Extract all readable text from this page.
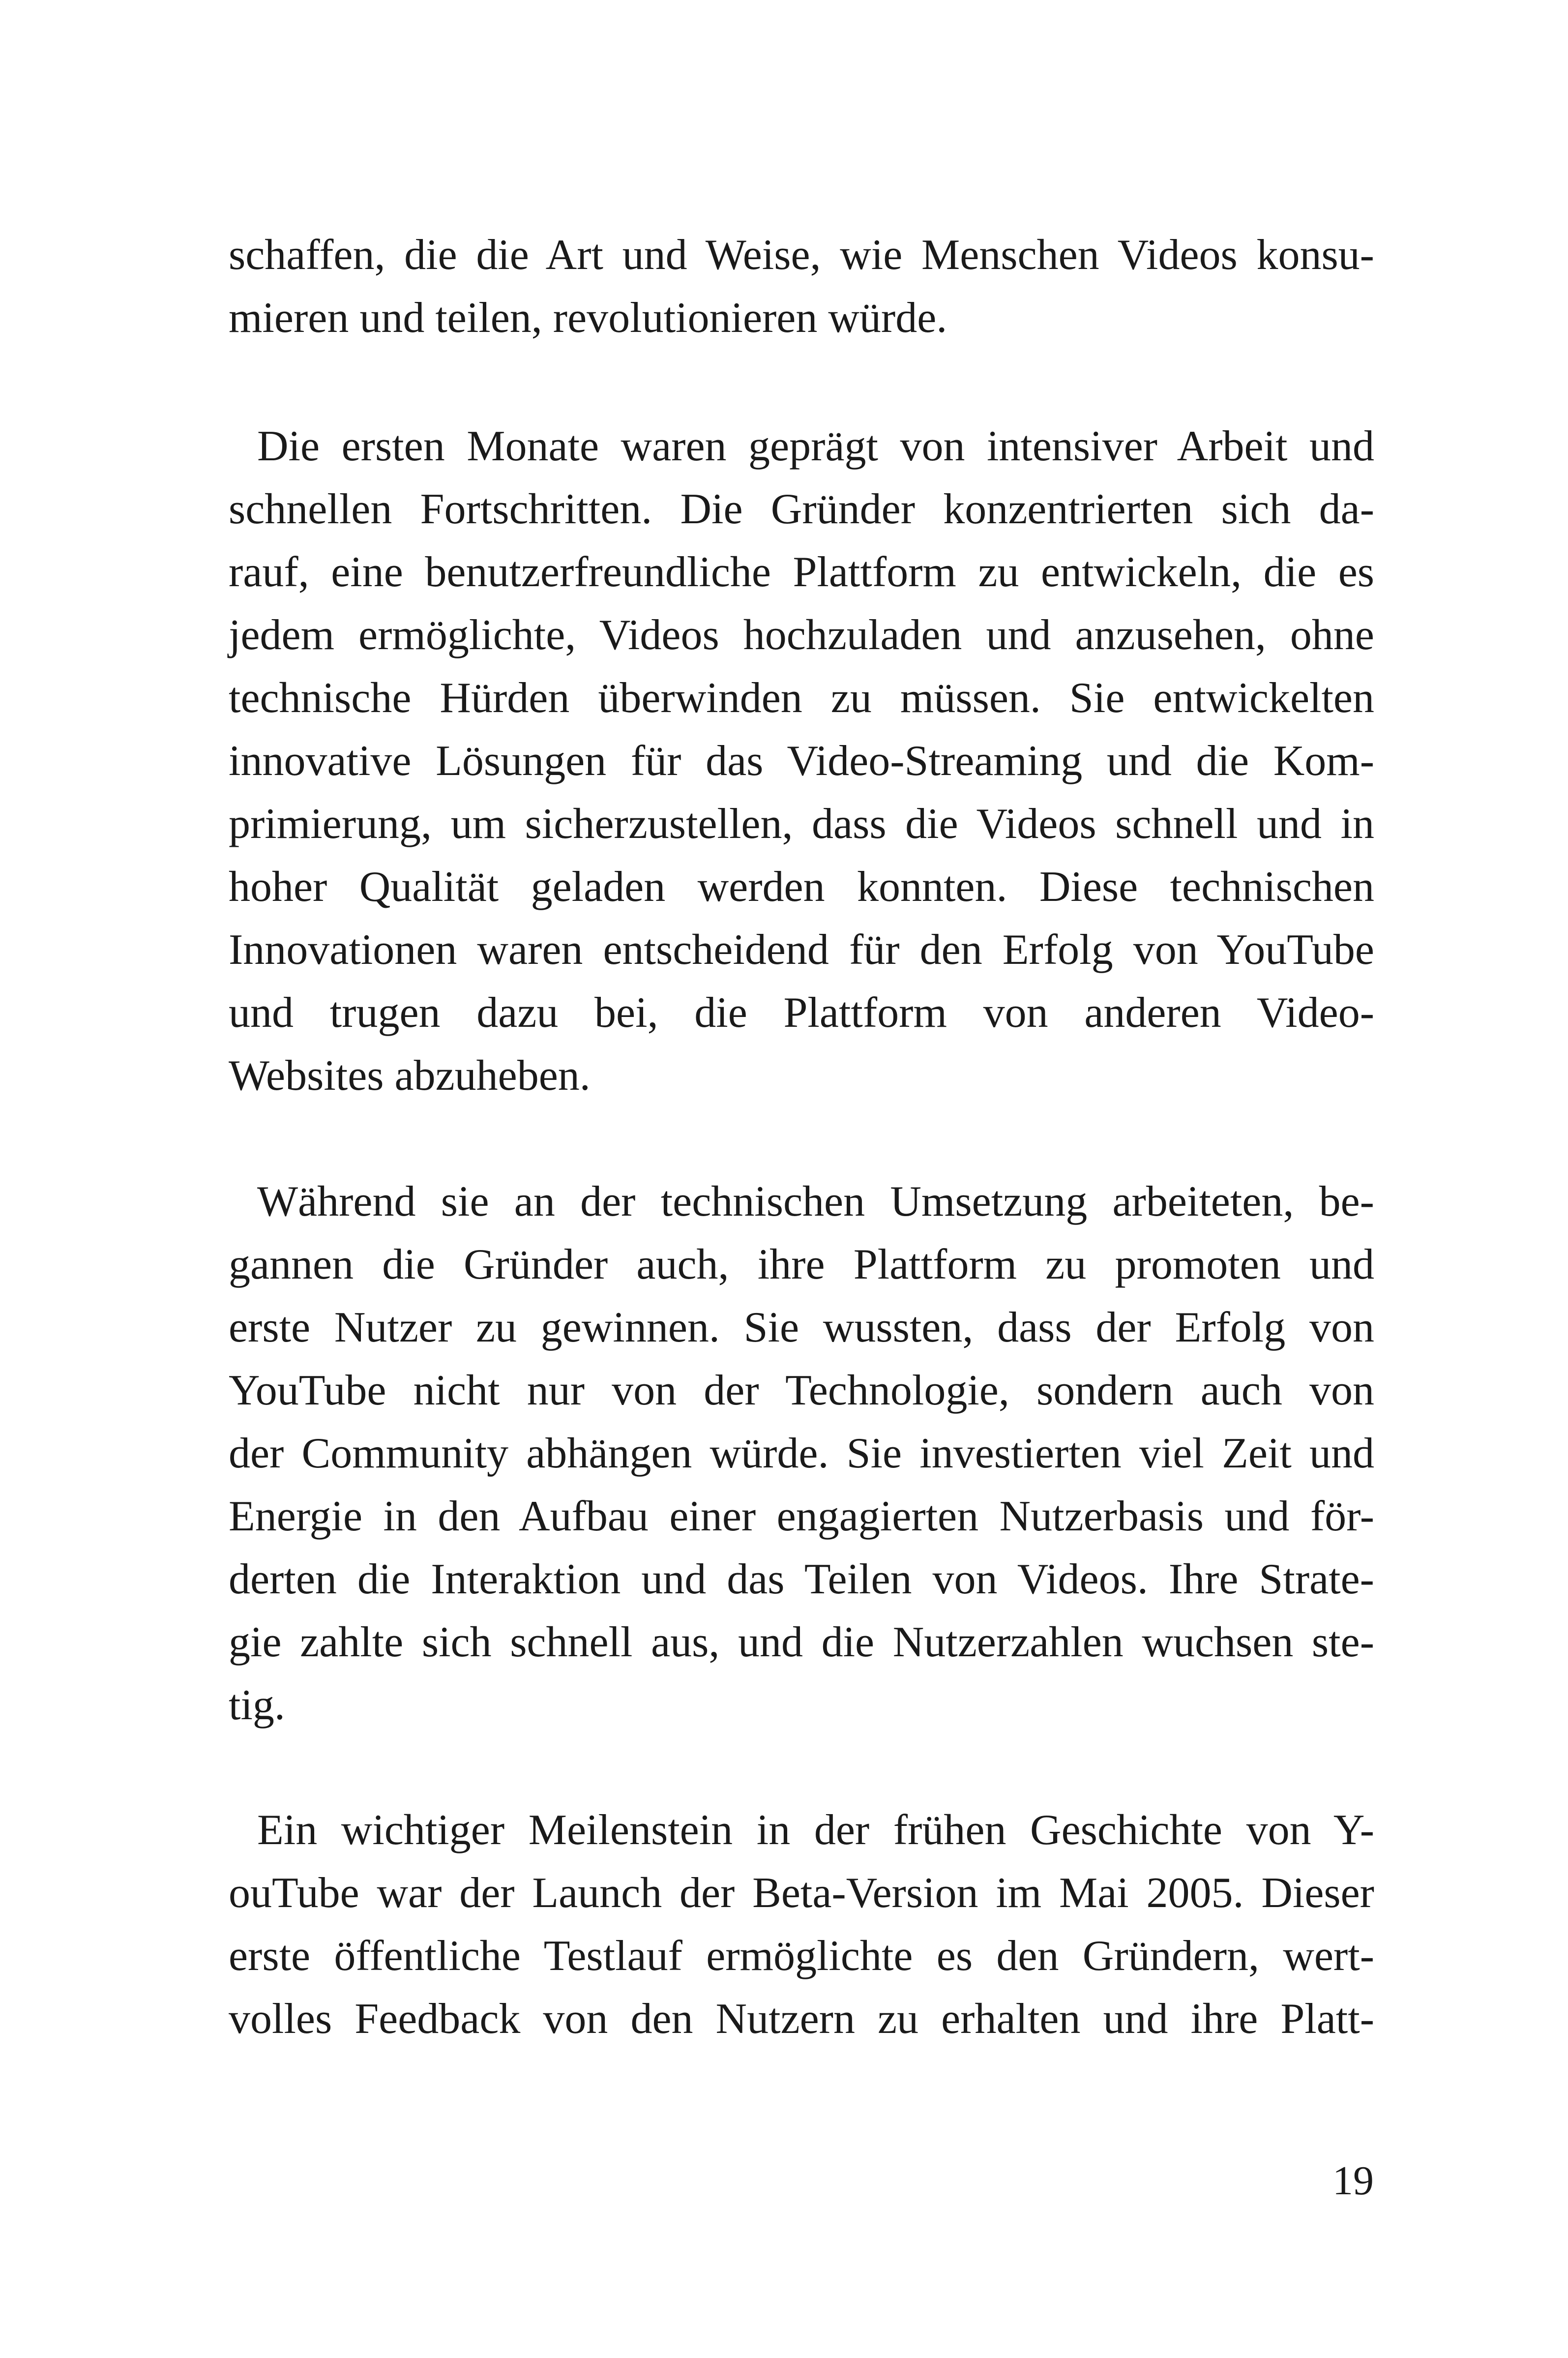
schaffen, die die Art und Weise, wie Menschen Videos konsu-
mieren und teilen, revolutionieren würde.
Die ersten Monate waren geprägt von intensiver Arbeit und
schnellen Fortschritten. Die Gründer konzentrierten sich da-
rauf, eine benutzerfreundliche Plattform zu entwickeln, die es
jedem ermöglichte, Videos hochzuladen und anzusehen, ohne
technische Hürden überwinden zu müssen. Sie entwickelten
innovative Lösungen für das Video-Streaming und die Kom-
primierung, um sicherzustellen, dass die Videos schnell und in
hoher Qualität geladen werden konnten. Diese technischen
Innovationen waren entscheidend für den Erfolg von YouTube
und trugen dazu bei, die Plattform von anderen Video-
Websites abzuheben.
Während sie an der technischen Umsetzung arbeiteten, be-
gannen die Gründer auch, ihre Plattform zu promoten und
erste Nutzer zu gewinnen. Sie wussten, dass der Erfolg von
YouTube nicht nur von der Technologie, sondern auch von
der Community abhängen würde. Sie investierten viel Zeit und
Energie in den Aufbau einer engagierten Nutzerbasis und för-
derten die Interaktion und das Teilen von Videos. Ihre Strate-
gie zahlte sich schnell aus, und die Nutzerzahlen wuchsen ste-
tig.
Ein wichtiger Meilenstein in der frühen Geschichte von Y-
ouTube war der Launch der Beta-Version im Mai 2005. Dieser
erste öffentliche Testlauf ermöglichte es den Gründern, wert-
volles Feedback von den Nutzern zu erhalten und ihre Platt-
19
